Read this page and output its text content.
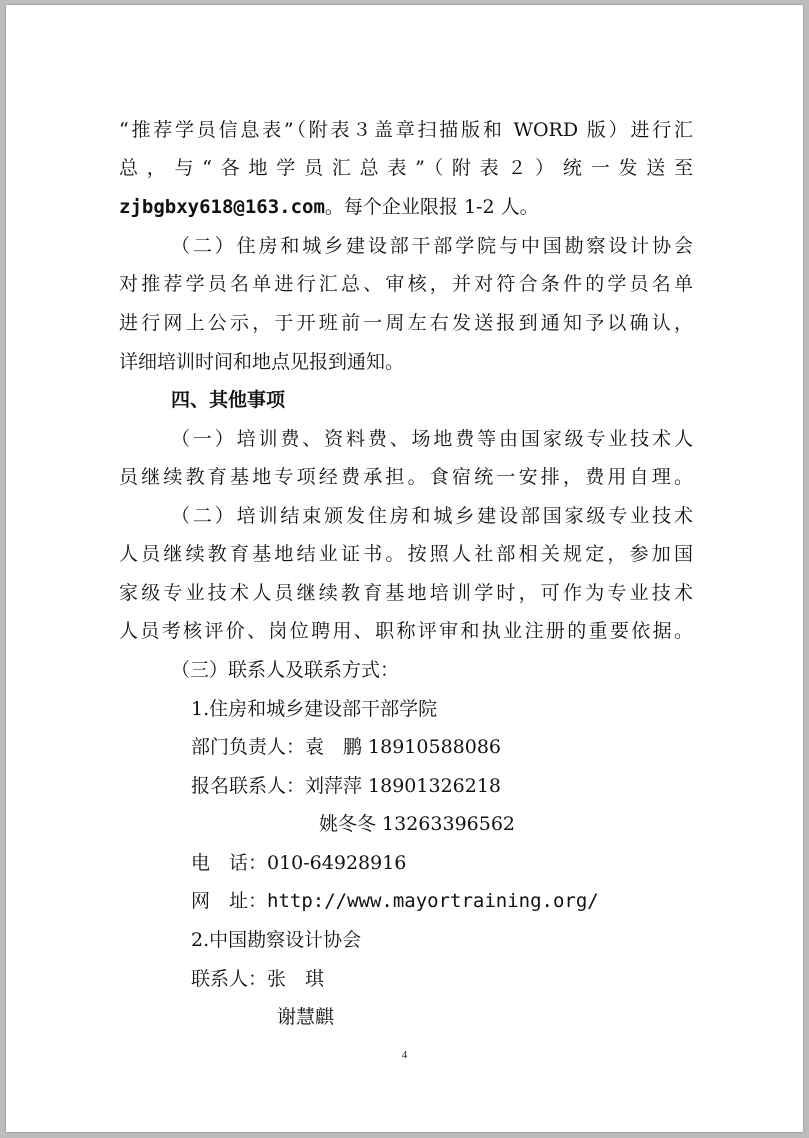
“推荐学员信息表”（附表３盖章扫描版和 WORD 版）进行汇

总，与“各地学员汇总表”（附表２）统一发送至

zjbgbxy618@163.com。每个企业限报 1-2 人。

（二）住房和城乡建设部干部学院与中国勘察设计协会

对推荐学员名单进行汇总、审核，并对符合条件的学员名单

进行网上公示，于开班前一周左右发送报到通知予以确认，

详细培训时间和地点见报到通知。

四、其他事项

（一）培训费、资料费、场地费等由国家级专业技术人

员继续教育基地专项经费承担。食宿统一安排，费用自理。

（二）培训结束颁发住房和城乡建设部国家级专业技术

人员继续教育基地结业证书。按照人社部相关规定，参加国

家级专业技术人员继续教育基地培训学时，可作为专业技术

人员考核评价、岗位聘用、职称评审和执业注册的重要依据。

（三）联系人及联系方式：

1.住房和城乡建设部干部学院

部门负责人：袁　鹏 18910588086

报名联系人：刘萍萍 18901326218

姚冬冬 13263396562

电　话：010-64928916

网　址：http://www.mayortraining.org/

2.中国勘察设计协会

联系人：张　琪

谢慧麒

4
